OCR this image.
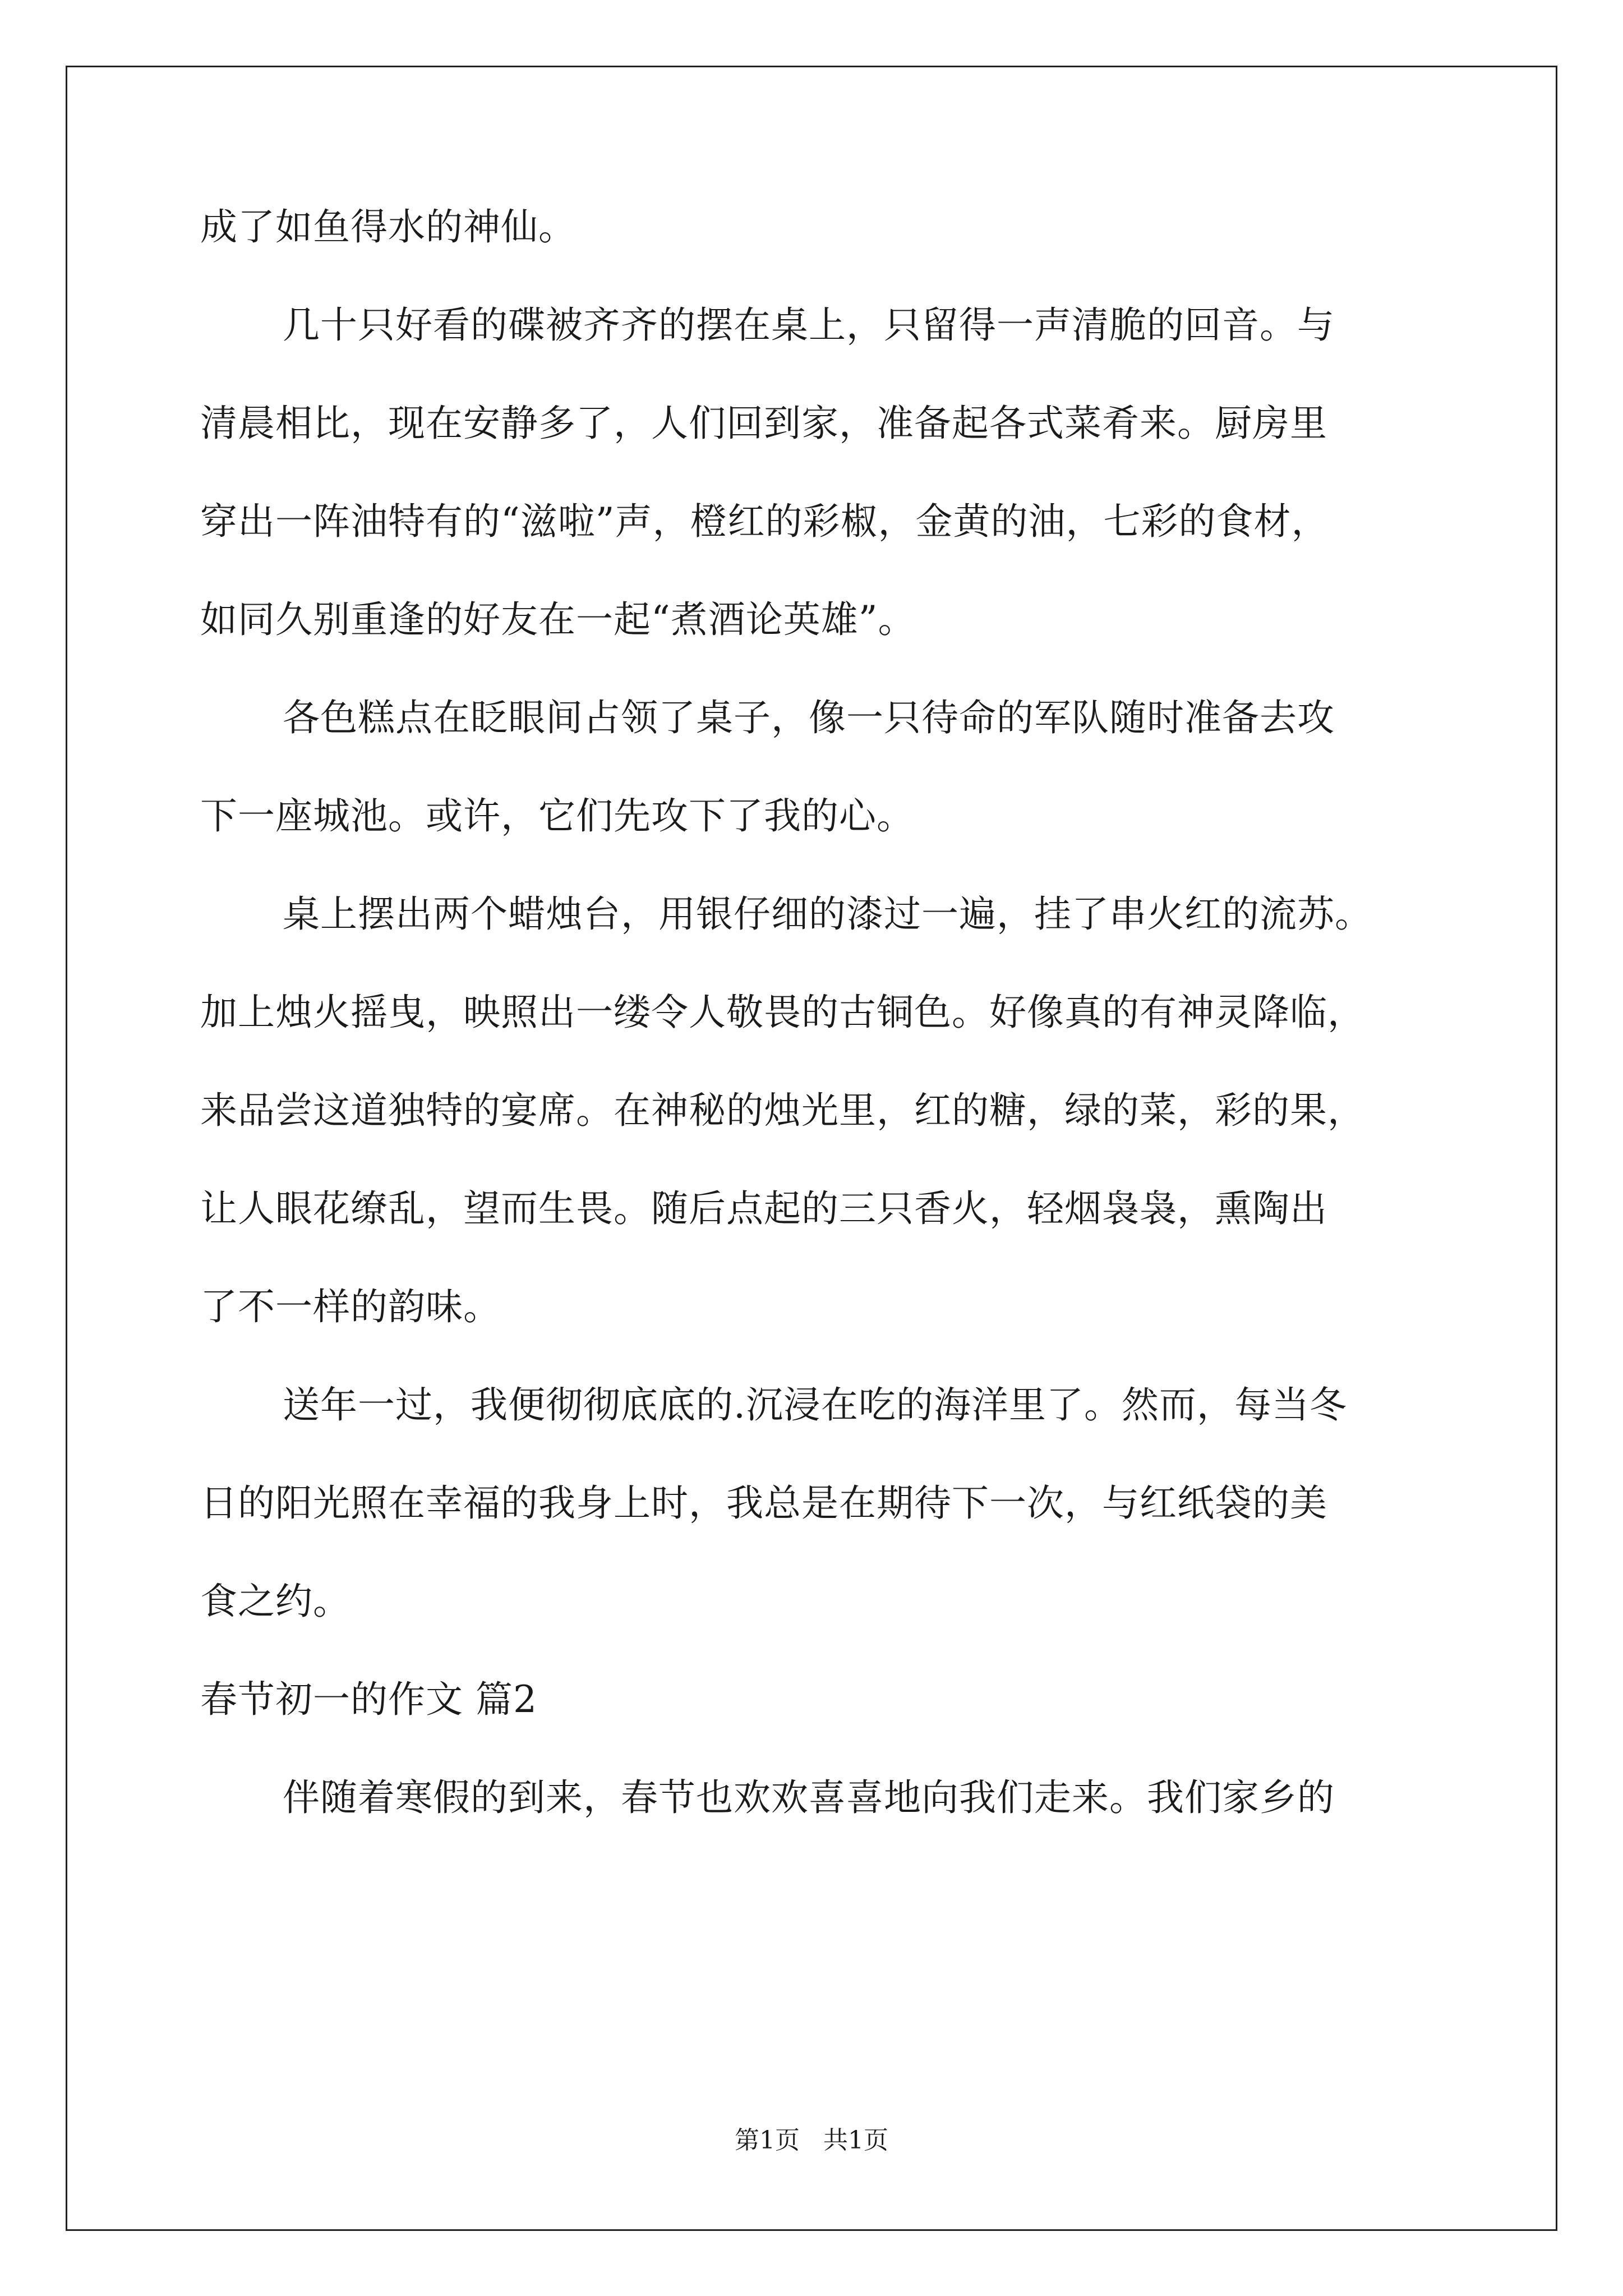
成了如鱼得水的神仙。
几十只好看的碟被齐齐的摆在桌上，只留得一声清脆的回音。与
清晨相比，现在安静多了，人们回到家，准备起各式菜肴来。厨房里
穿出一阵油特有的“滋啦”声，橙红的彩椒，金黄的油，七彩的食材，
如同久别重逢的好友在一起“煮酒论英雄”。
各色糕点在眨眼间占领了桌子，像一只待命的军队随时准备去攻
下一座城池。或许，它们先攻下了我的心。
桌上摆出两个蜡烛台，用银仔细的漆过一遍，挂了串火红的流苏。
加上烛火摇曳，映照出一缕令人敬畏的古铜色。好像真的有神灵降临，
来品尝这道独特的宴席。在神秘的烛光里，红的糖，绿的菜，彩的果，
让人眼花缭乱，望而生畏。随后点起的三只香火，轻烟袅袅，熏陶出
了不一样的韵味。
送年一过，我便彻彻底底的.沉浸在吃的海洋里了。然而，每当冬
日的阳光照在幸福的我身上时，我总是在期待下一次，与红纸袋的美
食之约。
春节初一的作文 篇2
伴随着寒假的到来，春节也欢欢喜喜地向我们走来。我们家乡的
第1页   共1页
